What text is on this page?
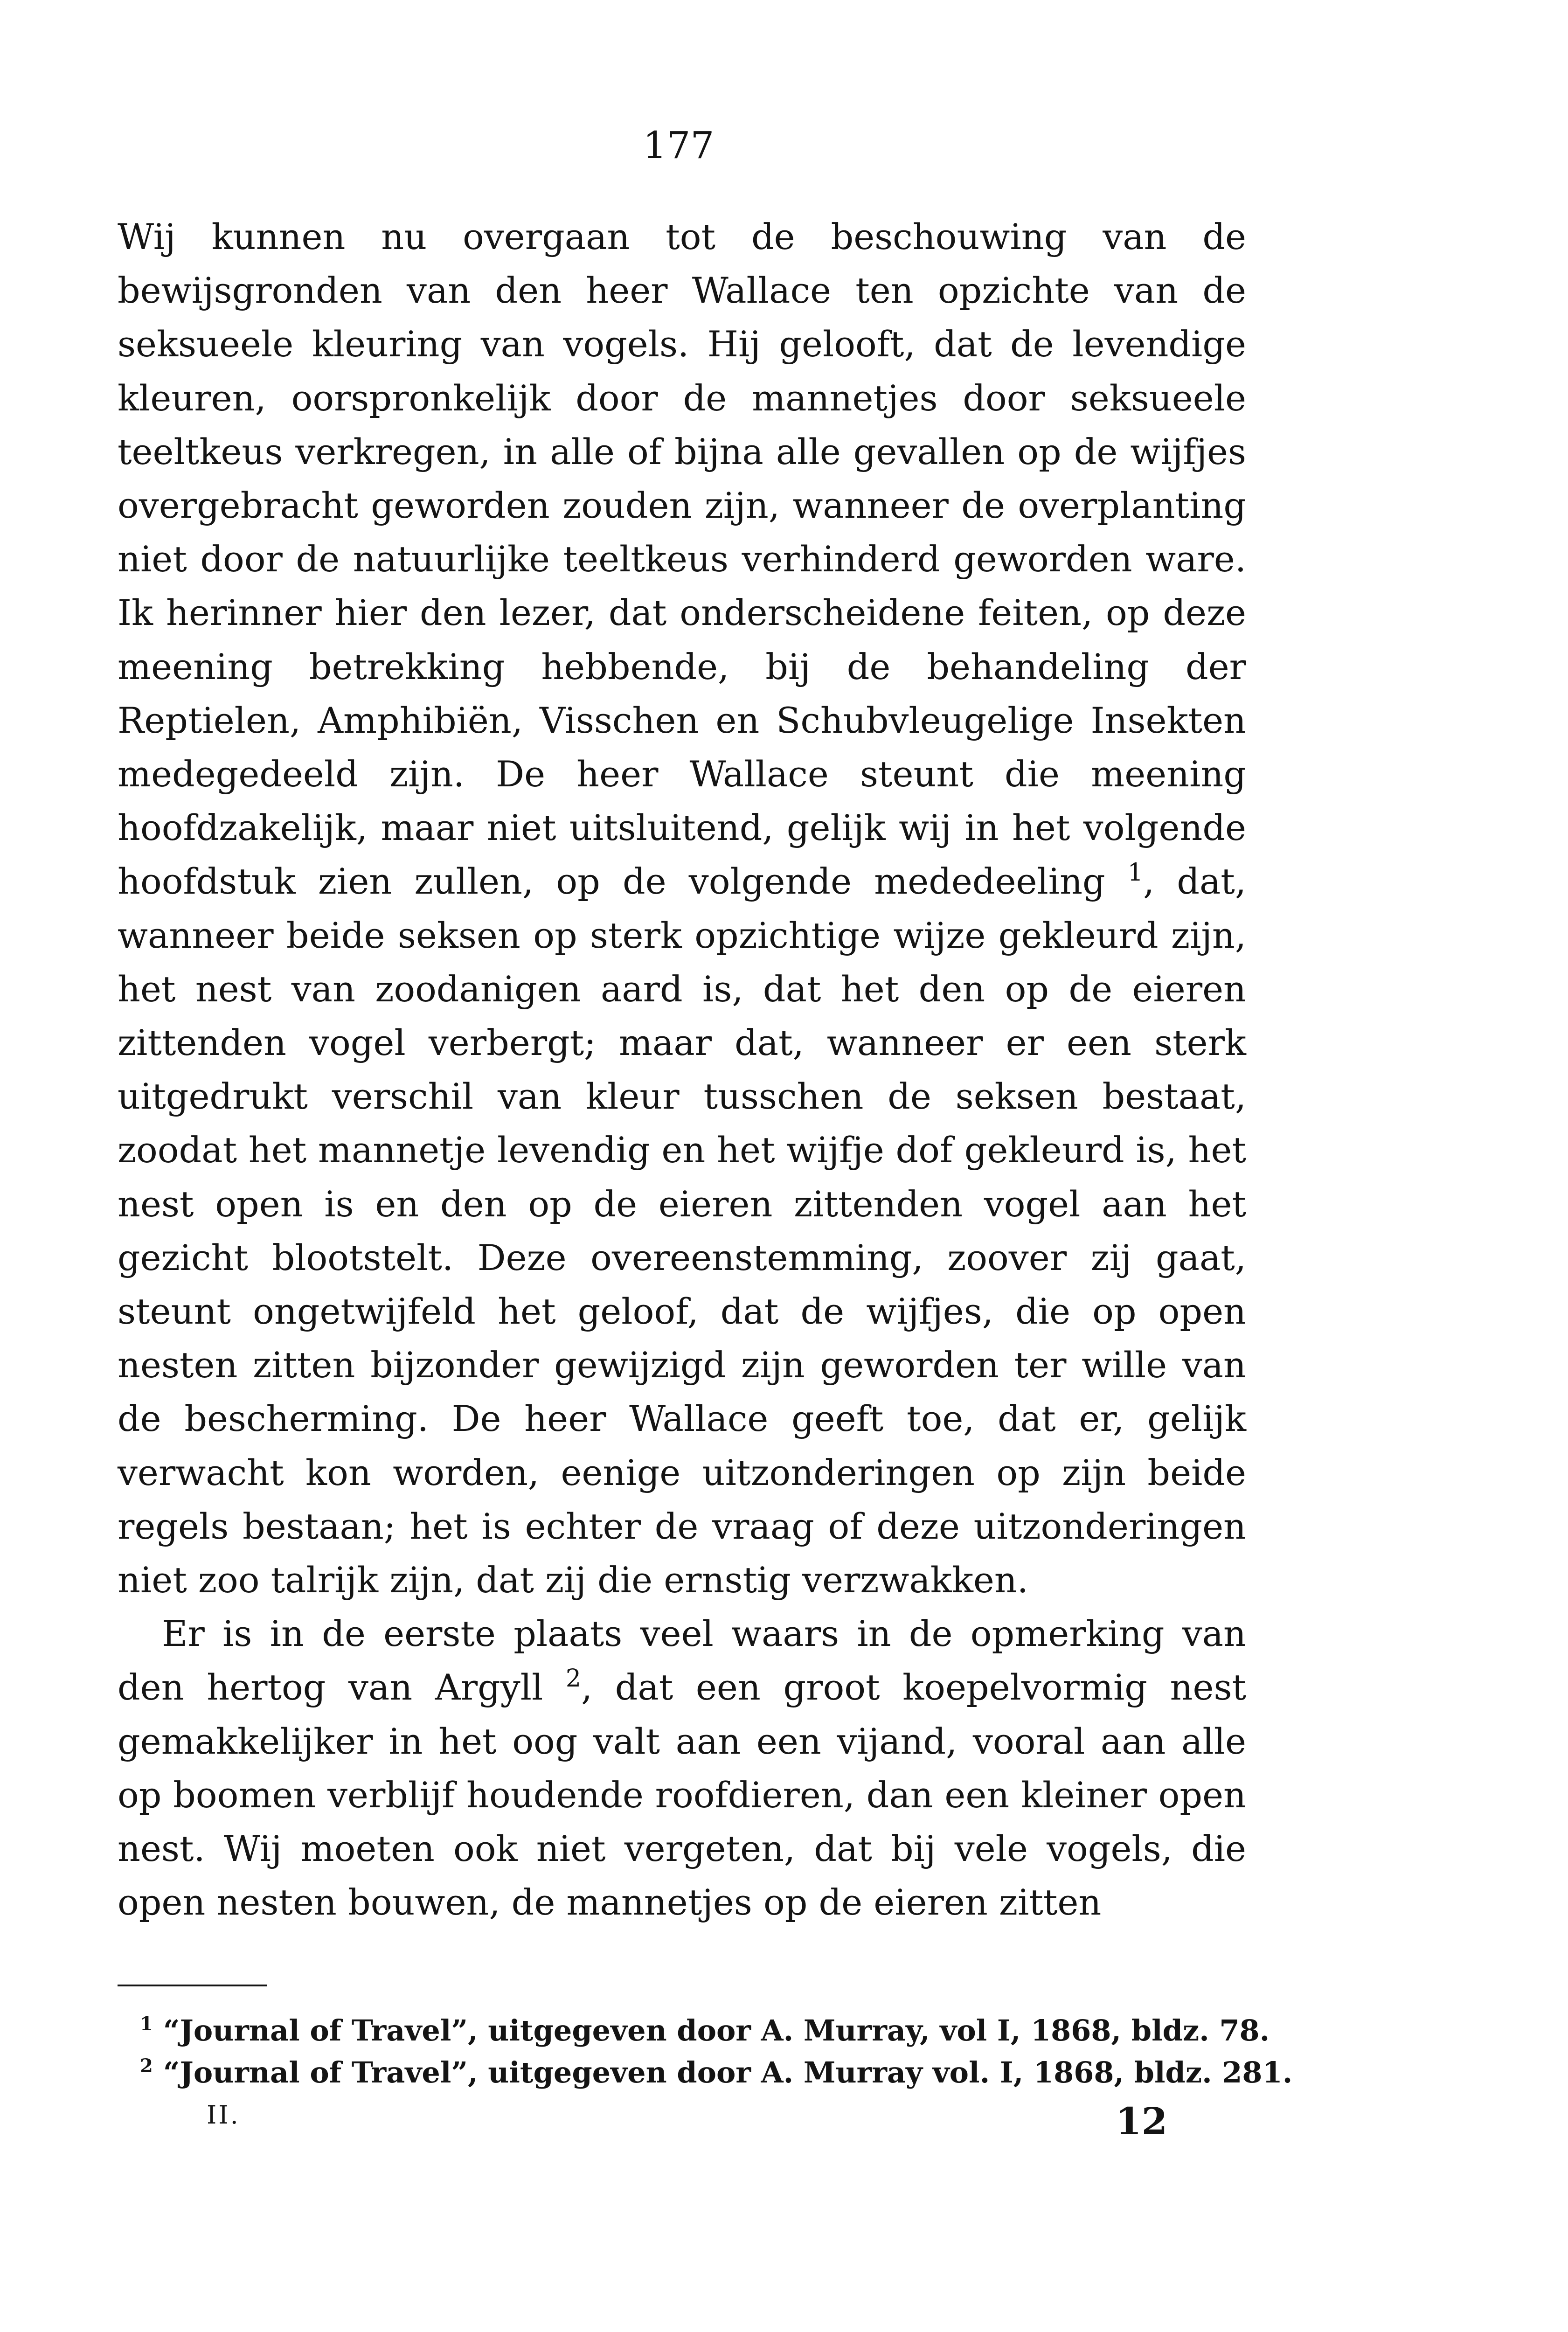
177

Wij kunnen nu overgaan tot de beschouwing van de bewijsgronden van den heer Wallace ten opzichte van de seksueele kleuring van vogels. Hij gelooft, dat de levendige kleuren, oorspronkelijk door de mannetjes door seksueele teeltkeus verkregen, in alle of bijna alle gevallen op de wijfjes overgebracht geworden zouden zijn, wanneer de overplanting niet door de natuurlijke teeltkeus verhinderd geworden ware. Ik herinner hier den lezer, dat onderscheidene feiten, op deze meening betrekking hebbende, bij de behandeling der Reptielen, Amphibiën, Visschen en Schubvleugelige Insekten medegedeeld zijn. De heer Wallace steunt die meening hoofdzakelijk, maar niet uitsluitend, gelijk wij in het volgende hoofdstuk zien zullen, op de volgende mededeeling $^1$, dat, wanneer beide seksen op sterk opzichtige wijze gekleurd zijn, het nest van zoodanigen aard is, dat het den op de eieren zittenden vogel verbergt; maar dat, wanneer er een sterk uitgedrukt verschil van kleur tusschen de seksen bestaat, zoodat het mannetje levendig en het wijfje dof gekleurd is, het nest open is en den op de eieren zittenden vogel aan het gezicht blootstelt. Deze overeenstemming, zoover zij gaat, steunt ongetwijfeld het geloof, dat de wijfjes, die op open nesten zitten bijzonder gewijzigd zijn geworden ter wille van de bescherming. De heer Wallace geeft toe, dat er, gelijk verwacht kon worden, eenige uitzonderingen op zijn beide regels bestaan; het is echter de vraag of deze uitzonderingen niet zoo talrijk zijn, dat zij die ernstig verzwakken.

Er is in de eerste plaats veel waars in de opmerking van den hertog van Argyll $^2$, dat een groot koepelvormig nest gemakkelijker in het oog valt aan een vijand, vooral aan alle op boomen verblijf houdende roofdieren, dan een kleiner open nest. Wij moeten ook niet vergeten, dat bij vele vogels, die open nesten bouwen, de mannetjes op de eieren zitten

$^1$ “Journal of Travel”, uitgegeven door A. Murray, vol I, 1868, bldz. 78.
$^2$ “Journal of Travel”, uitgegeven door A. Murray vol. I, 1868, bldz. 281.
II.	12
